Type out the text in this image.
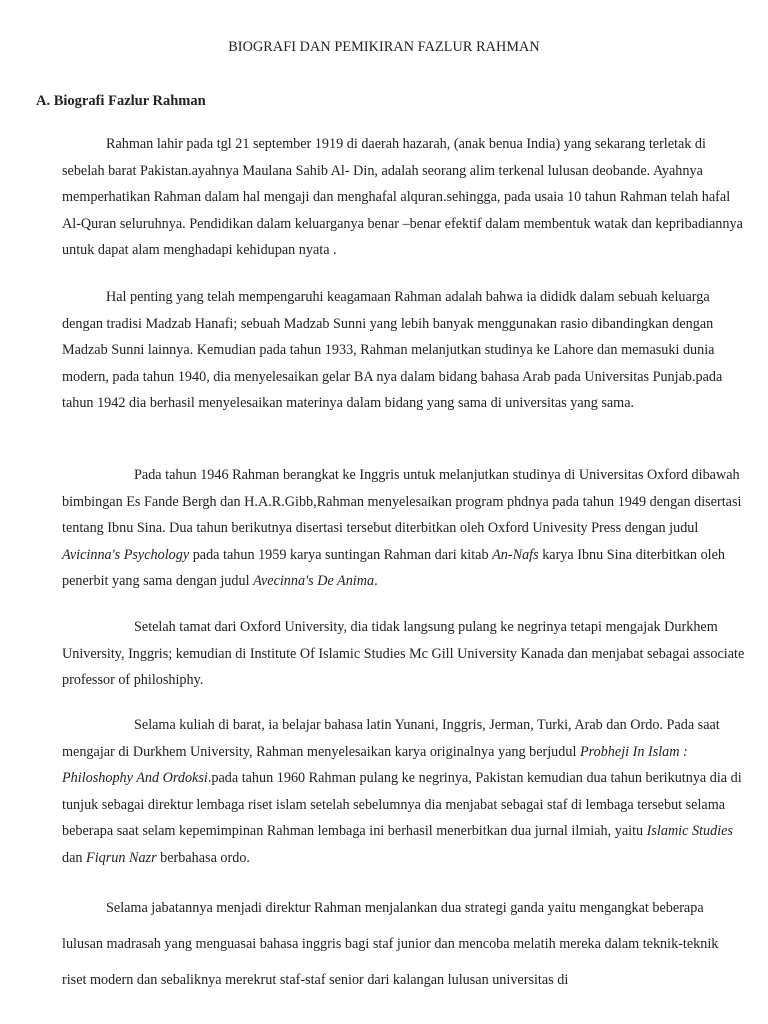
BIOGRAFI DAN PEMIKIRAN FAZLUR RAHMAN
A. Biografi Fazlur Rahman

Rahman lahir pada tgl 21 september 1919 di daerah hazarah, (anak benua India) yang sekarang terletak di sebelah barat Pakistan.ayahnya Maulana Sahib Al- Din, adalah seorang alim terkenal lulusan deobande. Ayahnya memperhatikan Rahman dalam hal mengaji dan menghafal alquran.sehingga, pada usaia 10 tahun Rahman telah hafal Al-Quran seluruhnya. Pendidikan dalam keluarganya benar –benar efektif dalam membentuk watak dan kepribadiannya untuk dapat alam menghadapi kehidupan nyata .

Hal penting yang telah mempengaruhi keagamaan Rahman adalah bahwa ia dididk dalam sebuah keluarga dengan tradisi Madzab Hanafi; sebuah Madzab Sunni yang lebih banyak menggunakan rasio dibandingkan dengan Madzab Sunni lainnya. Kemudian pada tahun 1933, Rahman melanjutkan studinya ke Lahore dan memasuki dunia modern, pada tahun 1940, dia menyelesaikan gelar BA nya dalam bidang bahasa Arab pada Universitas Punjab.pada tahun 1942 dia berhasil menyelesaikan materinya dalam bidang yang sama di universitas yang sama.

Pada tahun 1946 Rahman berangkat ke Inggris untuk melanjutkan studinya di Universitas Oxford dibawah bimbingan Es Fande Bergh dan H.A.R.Gibb,Rahman menyelesaikan program phdnya pada tahun 1949 dengan disertasi tentang Ibnu Sina. Dua tahun berikutnya disertasi tersebut diterbitkan oleh Oxford Univesity Press dengan judul Avicinna's Psychology pada tahun 1959 karya suntingan Rahman dari kitab An-Nafs karya Ibnu Sina diterbitkan oleh penerbit yang sama dengan judul Avecinna's De Anima.

Setelah tamat dari Oxford University, dia tidak langsung pulang ke negrinya tetapi mengajak Durkhem University, Inggris; kemudian di Institute Of Islamic Studies Mc Gill University Kanada dan menjabat sebagai associate professor of philoshiphy.

Selama kuliah di barat, ia belajar bahasa latin Yunani, Inggris, Jerman, Turki, Arab dan Ordo. Pada saat mengajar di Durkhem University, Rahman menyelesaikan karya originalnya yang berjudul Probheji In Islam : Philoshophy And Ordoksi.pada tahun 1960 Rahman pulang ke negrinya, Pakistan kemudian dua tahun berikutnya dia di tunjuk sebagai direktur lembaga riset islam setelah sebelumnya dia menjabat sebagai staf di lembaga tersebut selama beberapa saat selam kepemimpinan Rahman lembaga ini berhasil menerbitkan dua jurnal ilmiah, yaitu Islamic Studies dan Fiqrun Nazr berbahasa ordo.

Selama jabatannya menjadi direktur Rahman menjalankan dua strategi ganda yaitu mengangkat beberapa lulusan madrasah yang menguasai bahasa inggris bagi staf junior dan mencoba melatih mereka dalam teknik-teknik riset modern dan sebaliknya merekrut staf-staf senior dari kalangan lulusan universitas di
